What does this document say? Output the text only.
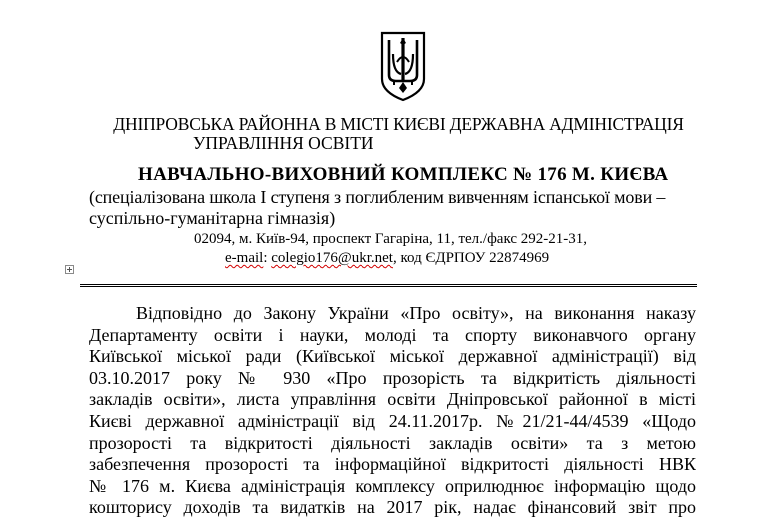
ДНІПРОВСЬКА РАЙОННА В МІСТІ КИЄВІ ДЕРЖАВНА АДМІНІСТРАЦІЯ
УПРАВЛІННЯ ОСВІТИ
НАВЧАЛЬНО-ВИХОВНИЙ КОМПЛЕКС № 176 М. КИЄВА
(спеціалізована школа І ступеня з поглибленим вивченням іспанської мови –
суспільно-гуманітарна гімназія)
02094, м. Київ-94, проспект Гагаріна, 11, тел./факс 292-21-31,
e-mail: colegio176@ukr.net, код ЄДРПОУ 22874969
Відповідно до Закону України «Про освіту», на виконання наказу
Департаменту освіти і науки, молоді та спорту виконавчого органу
Київської міської ради (Київської міської державної адміністрації) від
03.10.2017 року № 930 «Про прозорість та відкритість діяльності
закладів освіти», листа управління освіти Дніпровської районної в місті
Києві державної адміністрації від 24.11.2017р. №21/21-44/4539 «Щодо
прозорості та відкритості діяльності закладів освіти» та з метою
забезпечення прозорості та інформаційної відкритості діяльності НВК
№ 176 м. Києва адміністрація комплексу оприлюднює інформацію щодо
кошторису доходів та видатків на 2017 рік, надає фінансовий звіт про
